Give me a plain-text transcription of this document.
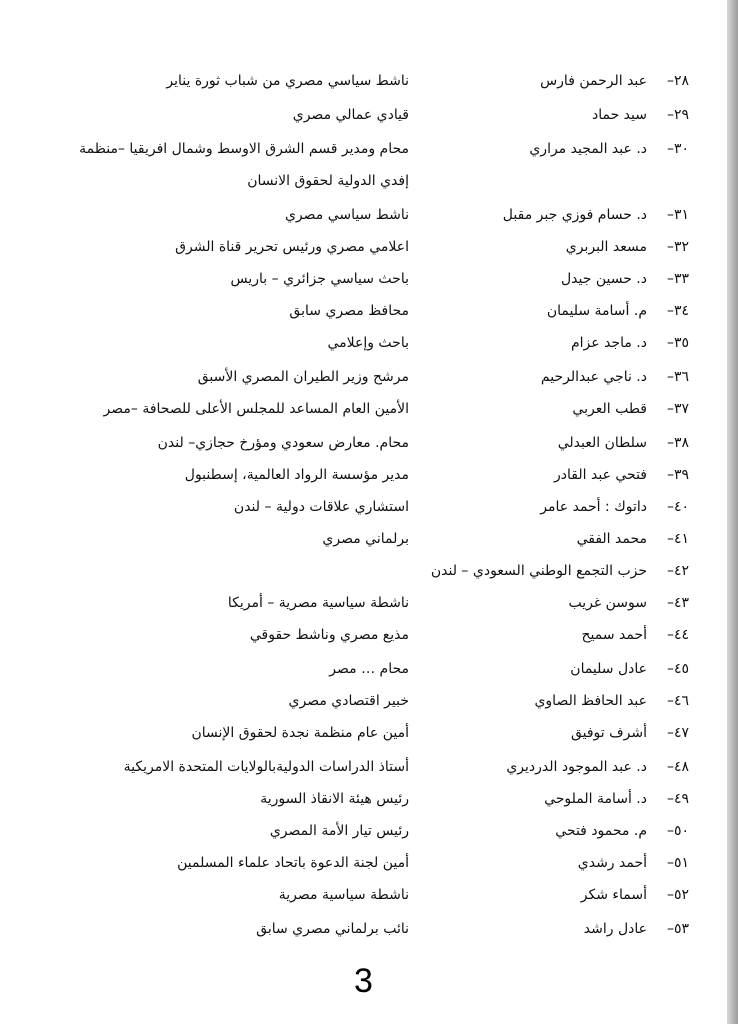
٢٨–
عبد الرحمن فارس
ناشط سياسي مصري من شباب ثورة يناير
٢٩–
سيد حماد
قيادي عمالي مصري
٣٠–
د. عبد المجيد مراري
محام ومدير قسم الشرق الاوسط وشمال افريقيا –منظمة
إفدي الدولية لحقوق الانسان
٣١–
د. حسام فوزي جبر مقبل
ناشط سياسي مصري
٣٢–
مسعد البربري
اعلامي مصري ورئيس تحرير قناة الشرق
٣٣–
د. حسين جيدل
باحث سياسي جزائري – باريس
٣٤–
م. أسامة سليمان
محافظ مصري سابق
٣٥–
د. ماجد عزام
باحث وإعلامي
٣٦–
د. ناجي عبدالرحيم
مرشح وزير الطيران المصري الأسبق
٣٧–
قطب العربي
الأمين العام المساعد للمجلس الأعلى للصحافة –مصر
٣٨–
سلطان العبدلي
محام. معارض سعودي ومؤرخ حجازي– لندن
٣٩–
فتحي عبد القادر
مدير مؤسسة الرواد العالمية، إسطنبول
٤٠–
داتوك : أحمد عامر
استشاري علاقات دولية – لندن
٤١–
محمد الفقي
برلماني مصري
٤٢–
حزب التجمع الوطني السعودي – لندن
٤٣–
سوسن غريب
ناشطة سياسية مصرية – أمريكا
٤٤–
أحمد سميح
مذيع مصري وناشط حقوقي
٤٥–
عادل سليمان
محام … مصر
٤٦–
عبد الحافظ الصاوي
خبير اقتصادي مصري
٤٧–
أشرف توفيق
أمين عام منظمة نجدة لحقوق الإنسان
٤٨–
د. عبد الموجود الدرديري
أستاذ الدراسات الدوليةبالولايات المتحدة الامريكية
٤٩–
د. أسامة الملوحي
رئيس هيئة الانقاذ السورية
٥٠–
م. محمود فتحي
رئيس تيار الأمة المصري
٥١–
أحمد رشدي
أمين لجنة الدعوة باتحاد علماء المسلمين
٥٢–
أسماء شكر
ناشطة سياسية مصرية
٥٣–
عادل راشد
نائب برلماني مصري سابق
3
